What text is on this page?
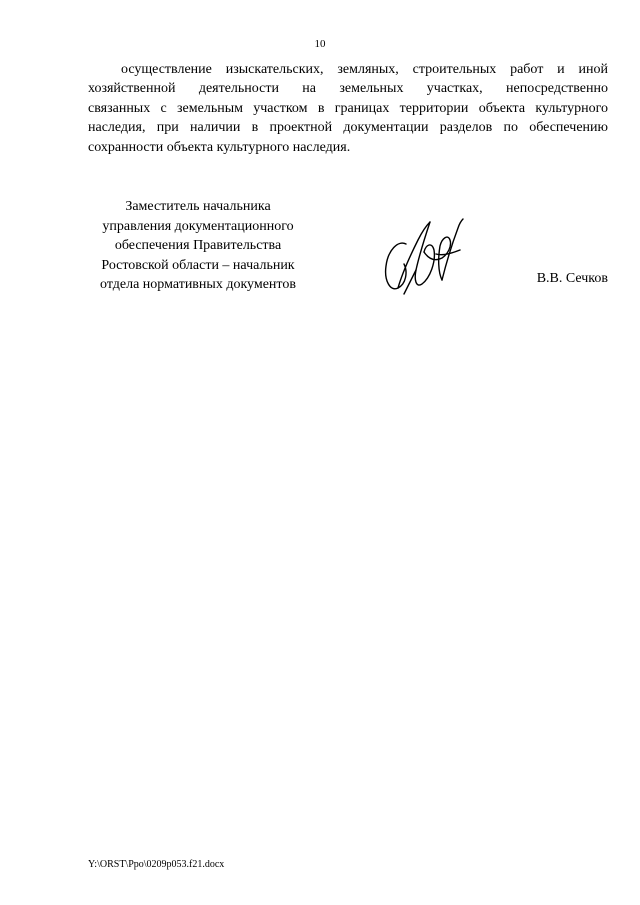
10
осуществление изыскательских, земляных, строительных работ и иной
хозяйственной деятельности на земельных участках, непосредственно
связанных с земельным участком в границах территории объекта культурного
наследия, при наличии в проектной документации разделов по обеспечению
сохранности объекта культурного наследия.
Заместитель начальника
управления документационного
обеспечения Правительства
Ростовской области – начальник
отдела нормативных документов	В.В. Сечков
Y:\ORST\Ppo\0209p053.f21.docx
